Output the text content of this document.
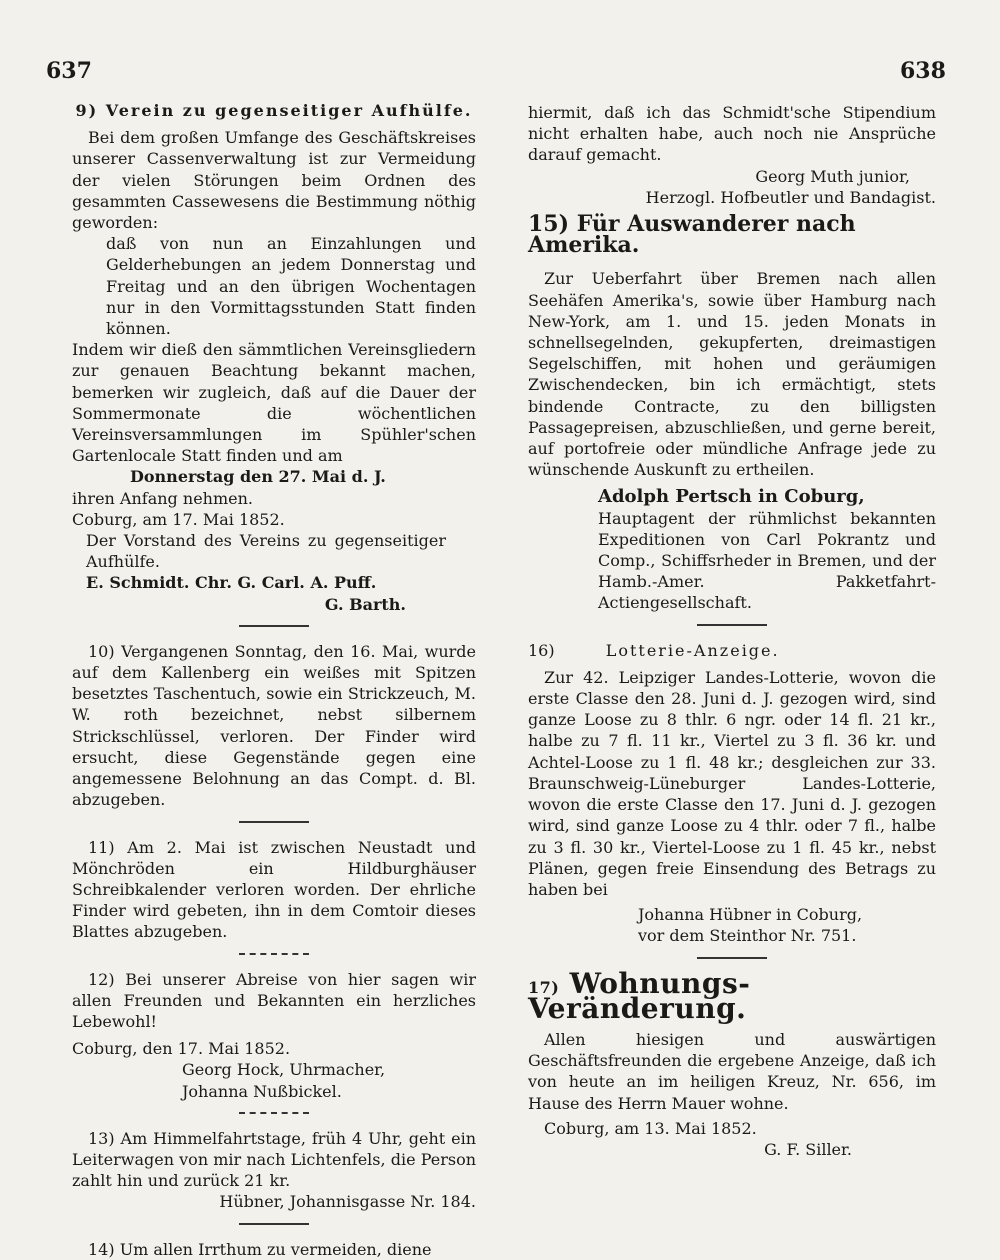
637	638

9) Verein zu gegenseitiger Aufhülfe.

Bei dem großen Umfange des Geschäftskreises unserer Cassenverwaltung ist zur Vermeidung der vielen Störungen beim Ordnen des gesammten Cassewesens die Bestimmung nöthig geworden:

daß von nun an Einzahlungen und Gelderhebungen an jedem Donnerstag und Freitag und an den übrigen Wochentagen nur in den Vormittagsstunden Statt finden können.

Indem wir dieß den sämmtlichen Vereinsgliedern zur genauen Beachtung bekannt machen, bemerken wir zugleich, daß auf die Dauer der Sommermonate die wöchentlichen Vereinsversammlungen im Spühler'schen Gartenlocale Statt finden und am

Donnerstag den 27. Mai d. J.

ihren Anfang nehmen.

Coburg, am 17. Mai 1852.

Der Vorstand des Vereins zu gegenseitiger Aufhülfe.

E. Schmidt. Chr. G. Carl. A. Puff.

G. Barth.

10) Vergangenen Sonntag, den 16. Mai, wurde auf dem Kallenberg ein weißes mit Spitzen besetztes Taschentuch, sowie ein Strickzeuch, M. W. roth bezeichnet, nebst silbernem Strickschlüssel, verloren. Der Finder wird ersucht, diese Gegenstände gegen eine angemessene Belohnung an das Compt. d. Bl. abzugeben.

11) Am 2. Mai ist zwischen Neustadt und Mönchröden ein Hildburghäuser Schreibkalender verloren worden. Der ehrliche Finder wird gebeten, ihn in dem Comtoir dieses Blattes abzugeben.

12) Bei unserer Abreise von hier sagen wir allen Freunden und Bekannten ein herzliches Lebewohl!

Coburg, den 17. Mai 1852.

Georg Hock, Uhrmacher,

Johanna Nußbickel.

13) Am Himmelfahrtstage, früh 4 Uhr, geht ein Leiterwagen von mir nach Lichtenfels, die Person zahlt hin und zurück 21 kr.

Hübner, Johannisgasse Nr. 184.

14) Um allen Irrthum zu vermeiden, diene

hiermit, daß ich das Schmidt'sche Stipendium nicht erhalten habe, auch noch nie Ansprüche darauf gemacht.

Georg Muth junior,

Herzogl. Hofbeutler und Bandagist.

15) Für Auswanderer nach Amerika.

Zur Ueberfahrt über Bremen nach allen Seehäfen Amerika's, sowie über Hamburg nach New-York, am 1. und 15. jeden Monats in schnellsegelnden, gekupferten, dreimastigen Segelschiffen, mit hohen und geräumigen Zwischendecken, bin ich ermächtigt, stets bindende Contracte, zu den billigsten Passagepreisen, abzuschließen, und gerne bereit, auf portofreie oder mündliche Anfrage jede zu wünschende Auskunft zu ertheilen.

Adolph Pertsch in Coburg,

Hauptagent der rühmlichst bekannten Expeditionen von Carl Pokrantz und Comp., Schiffsrheder in Bremen, und der Hamb.-Amer. Pakketfahrt-Actiengesellschaft.

16)	Lotterie-Anzeige.

Zur 42. Leipziger Landes-Lotterie, wovon die erste Classe den 28. Juni d. J. gezogen wird, sind ganze Loose zu 8 thlr. 6 ngr. oder 14 fl. 21 kr., halbe zu 7 fl. 11 kr., Viertel zu 3 fl. 36 kr. und Achtel-Loose zu 1 fl. 48 kr.; desgleichen zur 33. Braunschweig-Lüneburger Landes-Lotterie, wovon die erste Classe den 17. Juni d. J. gezogen wird, sind ganze Loose zu 4 thlr. oder 7 fl., halbe zu 3 fl. 30 kr., Viertel-Loose zu 1 fl. 45 kr., nebst Plänen, gegen freie Einsendung des Betrags zu haben bei

Johanna Hübner in Coburg,

vor dem Steinthor Nr. 751.

17) Wohnungs-Veränderung.

Allen hiesigen und auswärtigen Geschäftsfreunden die ergebene Anzeige, daß ich von heute an im heiligen Kreuz, Nr. 656, im Hause des Herrn Mauer wohne.

Coburg, am 13. Mai 1852.

G. F. Siller.
